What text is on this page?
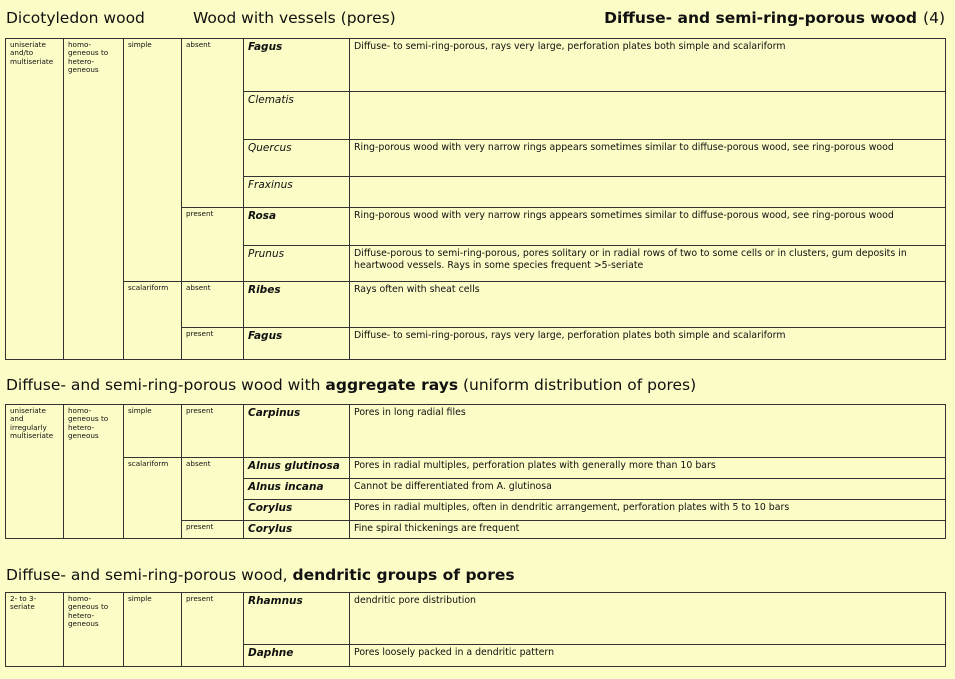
Dicotyledon wood	Wood with vessels (pores)	Diffuse- and semi-ring-porous wood (4)
uniseriate and/to multiseriate	homo-geneous to hetero-geneous	simple	absent	Fagus	Diffuse- to semi-ring-porous, rays very large, perforation plates both simple and scalariform
				Clematis	
				Quercus	Ring-porous wood with very narrow rings appears sometimes similar to diffuse-porous wood, see ring-porous wood
				Fraxinus	
			present	Rosa	Ring-porous wood with very narrow rings appears sometimes similar to diffuse-porous wood, see ring-porous wood
				Prunus	Diffuse-porous to semi-ring-porous, pores solitary or in radial rows of two to some cells or in clusters, gum deposits in heartwood vessels. Rays in some species frequent >5-seriate
		scalariform	absent	Ribes	Rays often with sheat cells
			present	Fagus	Diffuse- to semi-ring-porous, rays very large, perforation plates both simple and scalariform
Diffuse- and semi-ring-porous wood with aggregate rays (uniform distribution of pores)
uniseriate and irregularly multiseriate	homo-geneous to hetero-geneous	simple	present	Carpinus	Pores in long radial files
		scalariform	absent	Alnus glutinosa	Pores in radial multiples, perforation plates with generally more than 10 bars
				Alnus incana	Cannot be differentiated from A. glutinosa
				Corylus	Pores in radial multiples, often in dendritic arrangement, perforation plates with 5 to 10 bars
			present	Corylus	Fine spiral thickenings are frequent
Diffuse- and semi-ring-porous wood, dendritic groups of pores
2- to 3-seriate	homo-geneous to hetero-geneous	simple	present	Rhamnus	dendritic pore distribution
				Daphne	Pores loosely packed in a dendritic pattern
